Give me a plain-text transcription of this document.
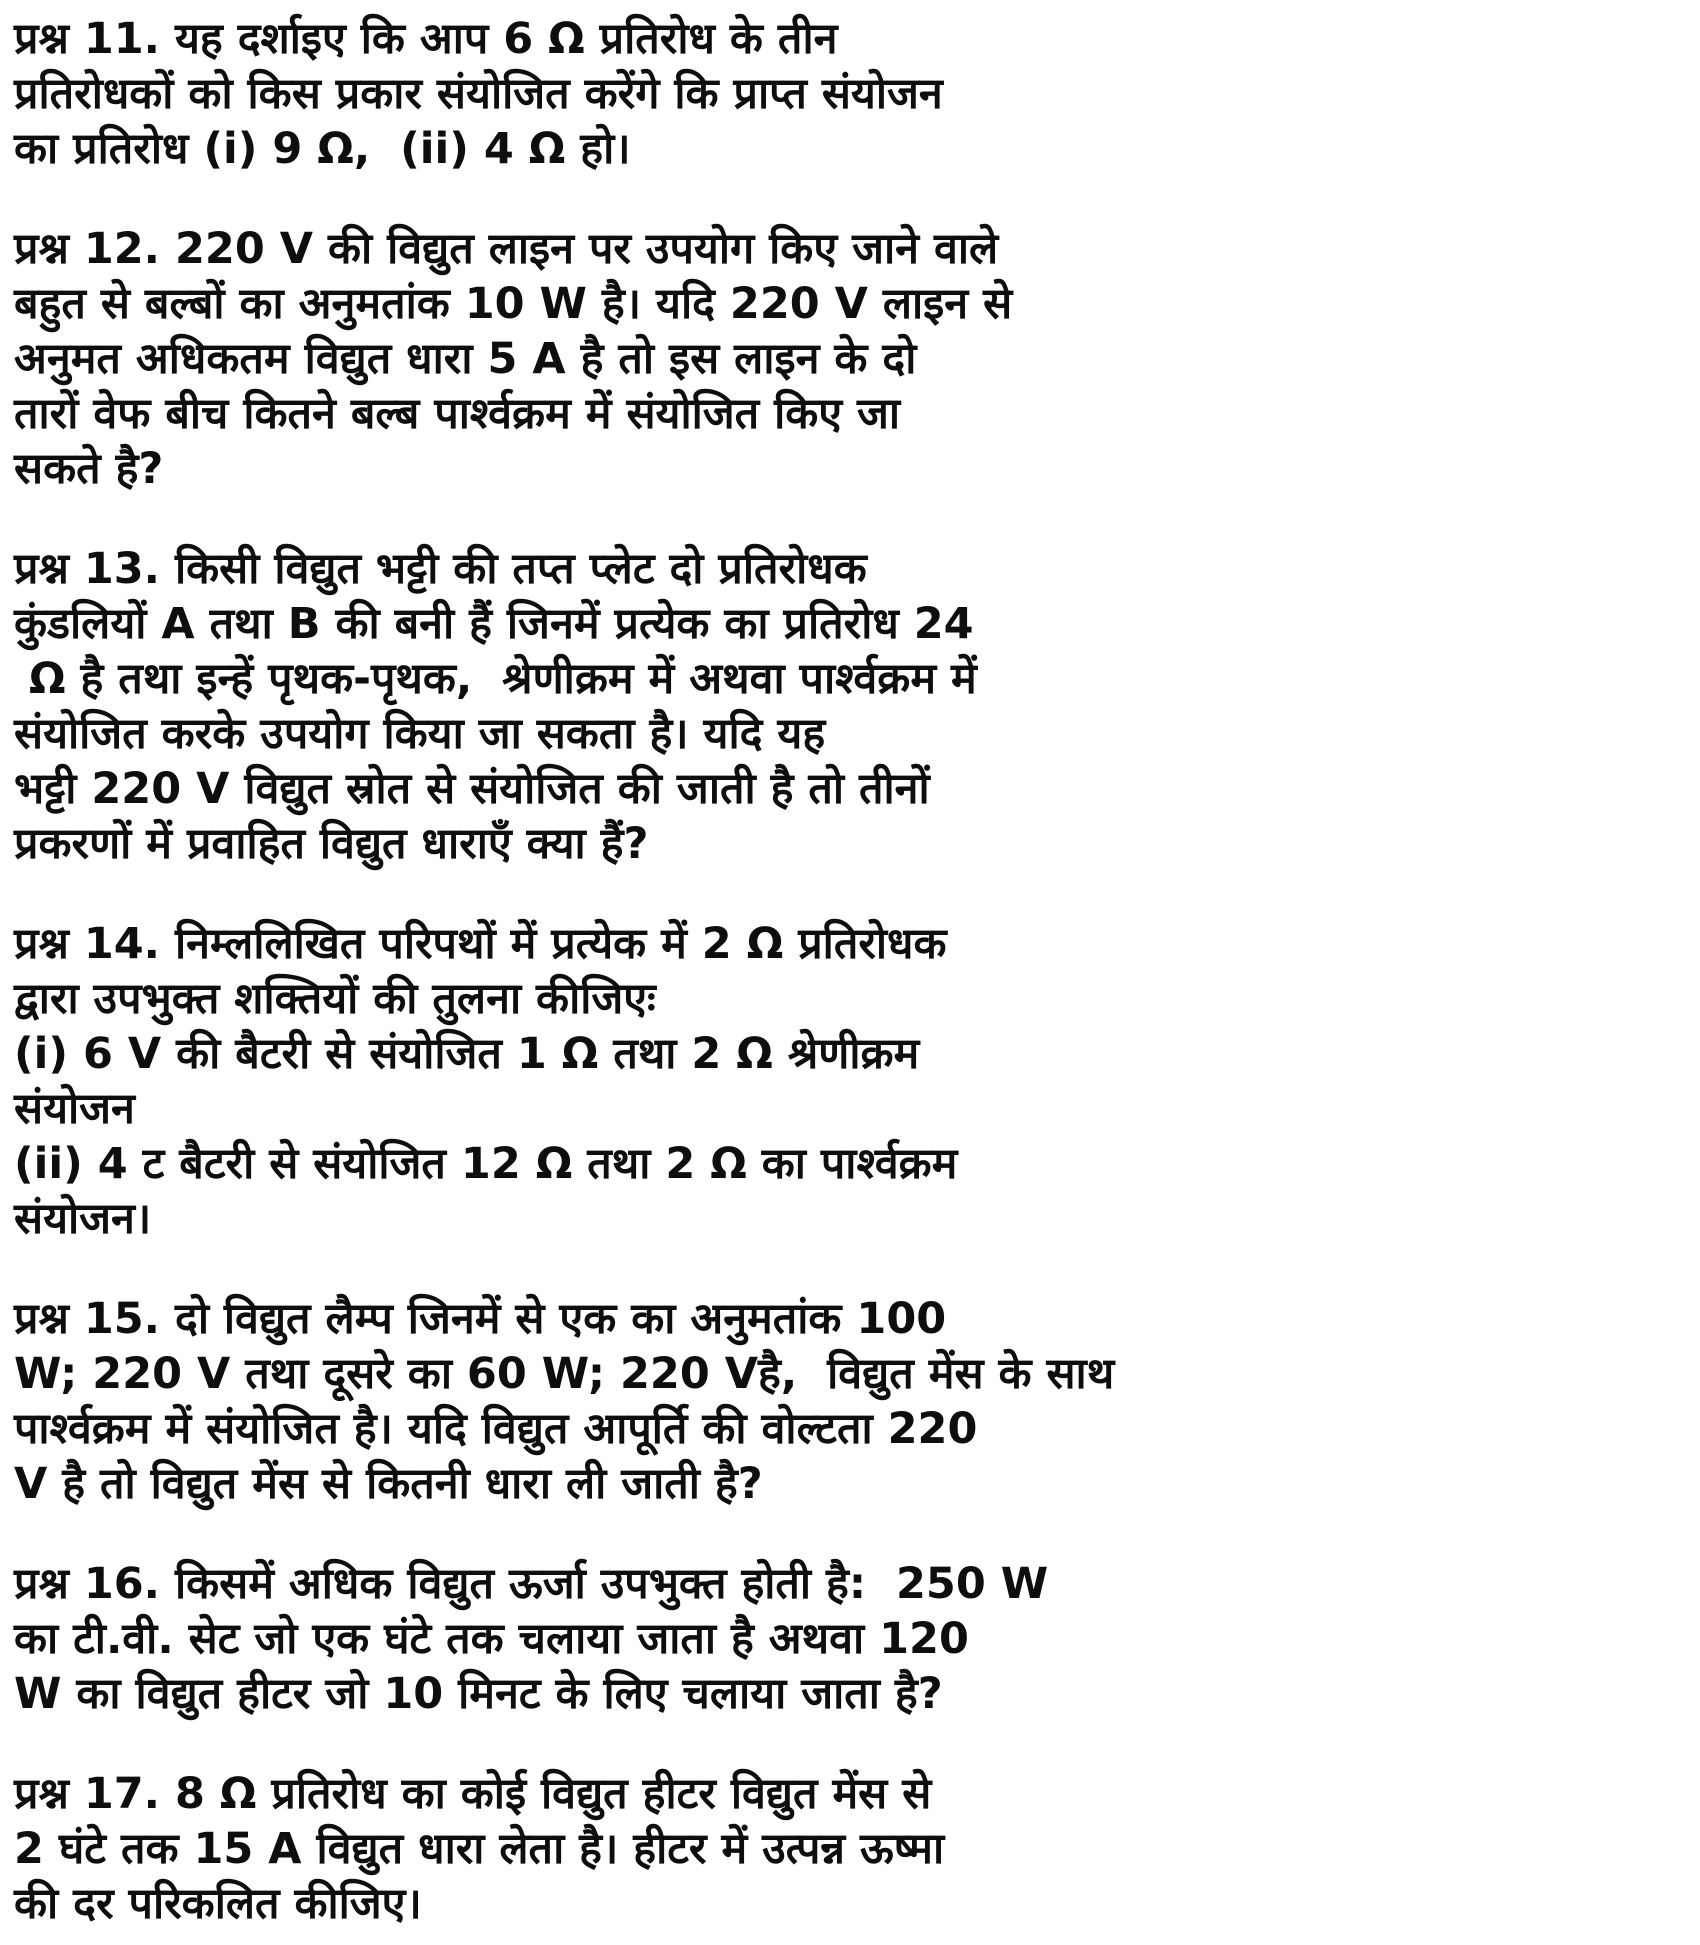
प्रश्न 11. यह दर्शाइए कि आप 6 Ω प्रतिरोध के तीन
प्रतिरोधकों को किस प्रकार संयोजित करेंगे कि प्राप्त संयोजन
का प्रतिरोध (i) 9 Ω,  (ii) 4 Ω हो।

प्रश्न 12. 220 V की विद्युत लाइन पर उपयोग किए जाने वाले
बहुत से बल्बों का अनुमतांक 10 W है। यदि 220 V लाइन से
अनुमत अधिकतम विद्युत धारा 5 A है तो इस लाइन के दो
तारों वेफ बीच कितने बल्ब पार्श्वक्रम में संयोजित किए जा
सकते है?

प्रश्न 13. किसी विद्युत भट्टी की तप्त प्लेट दो प्रतिरोधक
कुंडलियों A तथा B की बनी हैं जिनमें प्रत्येक का प्रतिरोध 24
Ω है तथा इन्हें पृथक-पृथक,  श्रेणीक्रम में अथवा पार्श्वक्रम में
संयोजित करके उपयोग किया जा सकता है। यदि यह
भट्टी 220 V विद्युत स्रोत से संयोजित की जाती है तो तीनों
प्रकरणों में प्रवाहित विद्युत धाराएँ क्या हैं?

प्रश्न 14. निम्ललिखित परिपथों में प्रत्येक में 2 Ω प्रतिरोधक
द्वारा उपभुक्त शक्तियों की तुलना कीजिएः
(i) 6 V की बैटरी से संयोजित 1 Ω तथा 2 Ω श्रेणीक्रम
संयोजन
(ii) 4 ट बैटरी से संयोजित 12 Ω तथा 2 Ω का पार्श्वक्रम
संयोजन।

प्रश्न 15. दो विद्युत लैम्प जिनमें से एक का अनुमतांक 100
W; 220 V तथा दूसरे का 60 W; 220 Vहै,  विद्युत मेंस के साथ
पार्श्वक्रम में संयोजित है। यदि विद्युत आपूर्ति की वोल्टता 220
V है तो विद्युत मेंस से कितनी धारा ली जाती है?

प्रश्न 16. किसमें अधिक विद्युत ऊर्जा उपभुक्त होती है:  250 W
का टी.वी. सेट जो एक घंटे तक चलाया जाता है अथवा 120
W का विद्युत हीटर जो 10 मिनट के लिए चलाया जाता है?

प्रश्न 17. 8 Ω प्रतिरोध का कोई विद्युत हीटर विद्युत मेंस से
2 घंटे तक 15 A विद्युत धारा लेता है। हीटर में उत्पन्न ऊष्मा
की दर परिकलित कीजिए।
